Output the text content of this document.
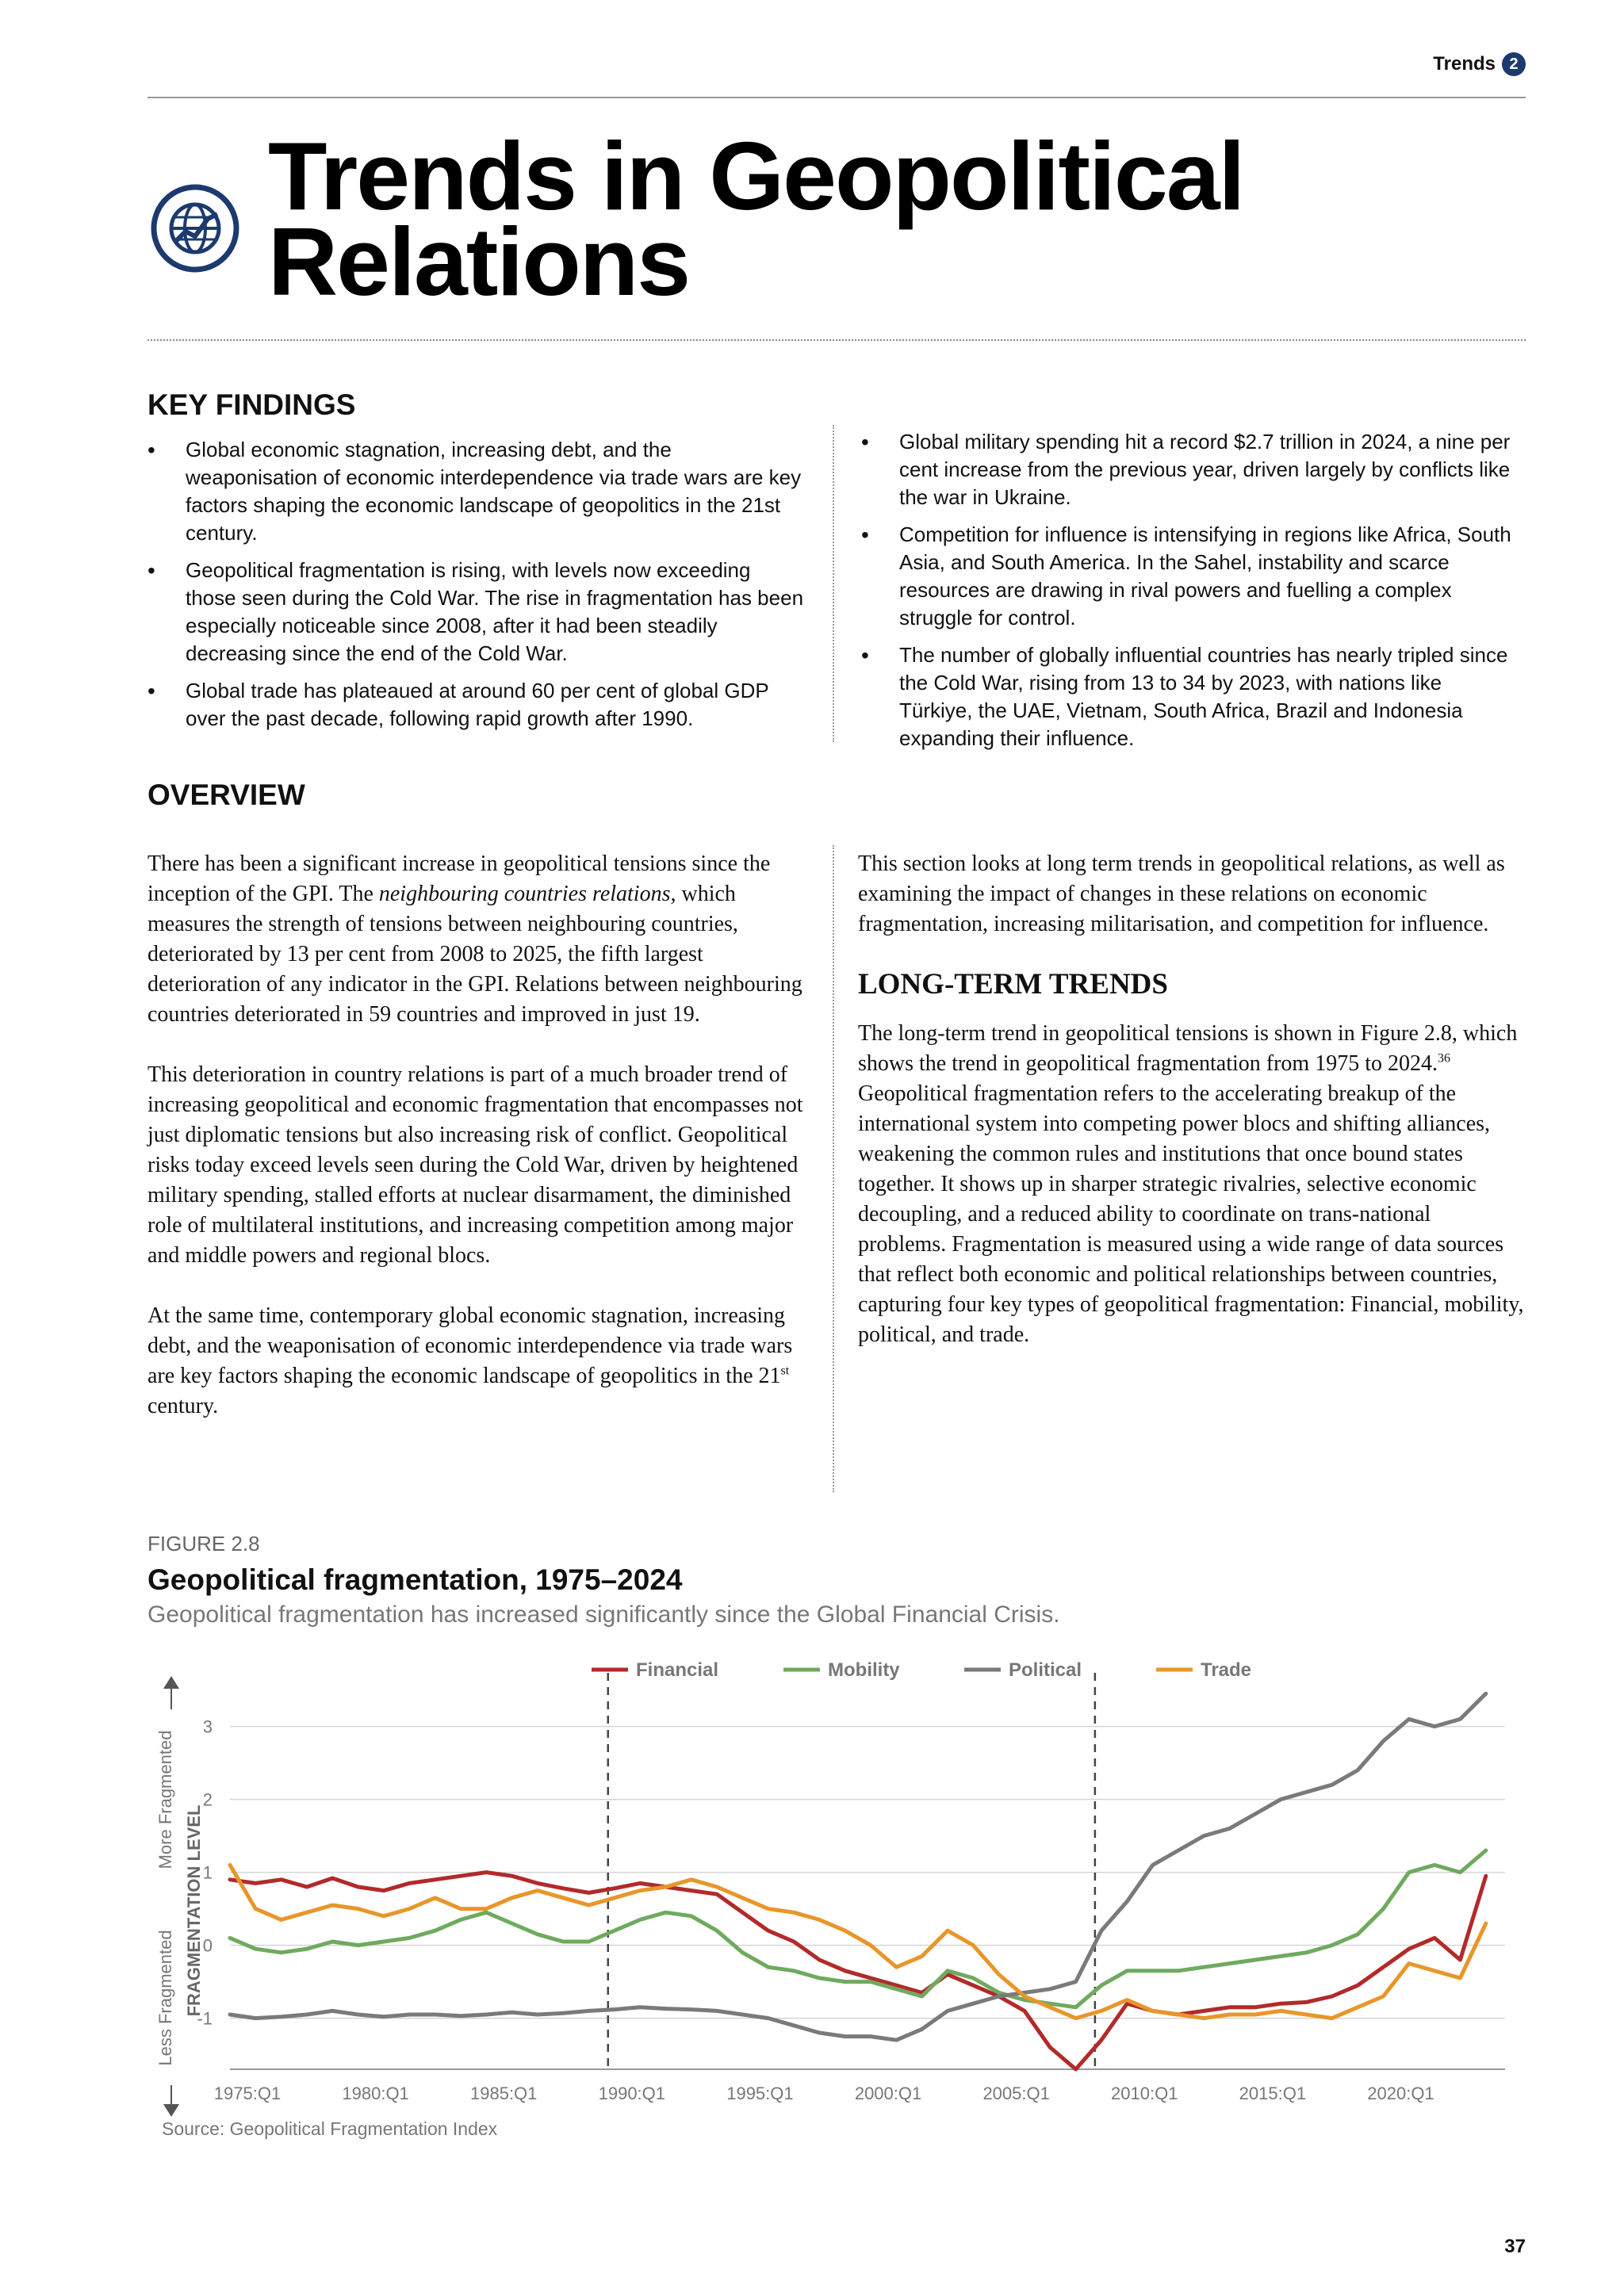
Trends 2
Trends in Geopolitical
Relations
KEY FINDINGS
• Global economic stagnation, increasing debt, and the weaponisation of economic interdependence via trade wars are key factors shaping the economic landscape of geopolitics in the 21st century.
• Geopolitical fragmentation is rising, with levels now exceeding those seen during the Cold War. The rise in fragmentation has been especially noticeable since 2008, after it had been steadily decreasing since the end of the Cold War.
• Global trade has plateaued at around 60 per cent of global GDP over the past decade, following rapid growth after 1990.
• Global military spending hit a record $2.7 trillion in 2024, a nine per cent increase from the previous year, driven largely by conflicts like the war in Ukraine.
• Competition for influence is intensifying in regions like Africa, South Asia, and South America. In the Sahel, instability and scarce resources are drawing in rival powers and fuelling a complex struggle for control.
• The number of globally influential countries has nearly tripled since the Cold War, rising from 13 to 34 by 2023, with nations like Türkiye, the UAE, Vietnam, South Africa, Brazil and Indonesia expanding their influence.
OVERVIEW

There has been a significant increase in geopolitical tensions since the inception of the GPI. The neighbouring countries relations, which measures the strength of tensions between neighbouring countries, deteriorated by 13 per cent from 2008 to 2025, the fifth largest deterioration of any indicator in the GPI. Relations between neighbouring countries deteriorated in 59 countries and improved in just 19.

This deterioration in country relations is part of a much broader trend of increasing geopolitical and economic fragmentation that encompasses not just diplomatic tensions but also increasing risk of conflict. Geopolitical risks today exceed levels seen during the Cold War, driven by heightened military spending, stalled efforts at nuclear disarmament, the diminished role of multilateral institutions, and increasing competition among major and middle powers and regional blocs.

At the same time, contemporary global economic stagnation, increasing debt, and the weaponisation of economic interdependence via trade wars are key factors shaping the economic landscape of geopolitics in the 21st century.

This section looks at long term trends in geopolitical relations, as well as examining the impact of changes in these relations on economic fragmentation, increasing militarisation, and competition for influence.

LONG-TERM TRENDS

The long-term trend in geopolitical tensions is shown in Figure 2.8, which shows the trend in geopolitical fragmentation from 1975 to 2024.36 Geopolitical fragmentation refers to the accelerating breakup of the international system into competing power blocs and shifting alliances, weakening the common rules and institutions that once bound states together. It shows up in sharper strategic rivalries, selective economic decoupling, and a reduced ability to coordinate on trans-national problems. Fragmentation is measured using a wide range of data sources that reflect both economic and political relationships between countries, capturing four key types of geopolitical fragmentation: Financial, mobility, political, and trade.

FIGURE 2.8
Geopolitical fragmentation, 1975–2024
Geopolitical fragmentation has increased significantly since the Global Financial Crisis.
-1
0
1
2
3
1975:Q1	1980:Q1	1985:Q1	1990:Q1	1995:Q1	2000:Q1	2005:Q1	2010:Q1	2015:Q1	2020:Q1
FRAGMENTATION LEVEL
Less Fragmented
More Fragmented
Financial	Mobility	Political	Trade
Source: Geopolitical Fragmentation Index
37
